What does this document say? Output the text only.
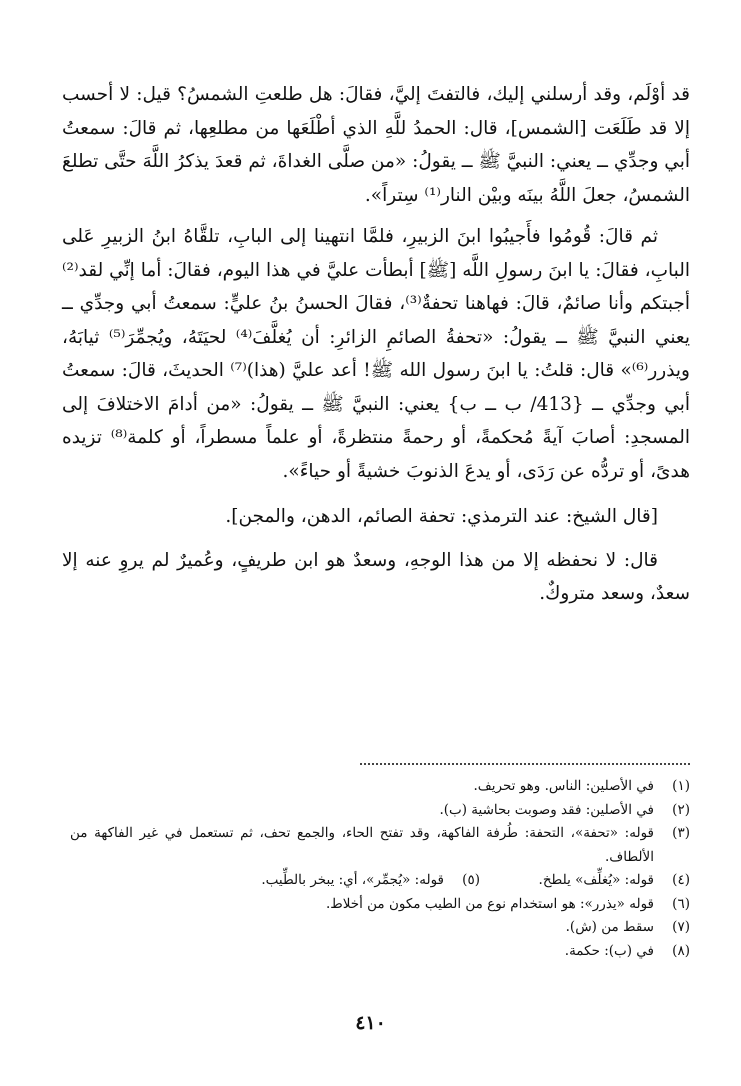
قد أوْلَم، وقد أرسلني إليك، فالتفتَ إليَّ، فقالَ: هل طلعتِ الشمسُ؟ قيل: لا أحسب إلا قد طَلَعَت [الشمس]، قال: الحمدُ للَّهِ الذي أطْلَعَها من مطلعِها، ثم قالَ: سمعتُ أبي وجدِّي ــ يعني: النبيَّ ﷺ ــ يقولُ: «من صلَّى الغداةَ، ثم قعدَ يذكرُ اللَّهَ حتَّى تطلعَ الشمسُ، جعلَ اللَّهُ بينَه وبيْن النار⁽¹⁾ سِتراً».

ثم قالَ: قُومُوا فأَجيبُوا ابنَ الزبيرِ، فلمَّا انتهينا إلى البابِ، تلقَّاهُ ابنُ الزبيرِ عَلى البابِ، فقالَ: يا ابنَ رسولِ اللَّه [ﷺ] أبطأت عليَّ في هذا اليوم، فقالَ: أما إنِّي لقد⁽²⁾ أجبتكم وأنا صائمٌ، قالَ: فهاهنا تحفةٌ⁽³⁾، فقالَ الحسنُ بنُ عليٍّ: سمعتُ أبي وجدِّي ــ يعني النبيَّ ﷺ ــ يقولُ: «تحفةُ الصائمِ الزائرِ: أن يُغلَّفَ⁽⁴⁾ لحيَتَهُ، ويُجمِّرَ⁽⁵⁾ ثيابَهُ، ويذرر⁽⁶⁾» قال: قلتُ: يا ابنَ رسول الله ﷺ! أعد عليَّ (هذا)⁽⁷⁾ الحديثَ، قالَ: سمعتُ أبي وجدِّي ــ {413/ ب ــ ب} يعني: النبيَّ ﷺ ــ يقولُ: «من أدامَ الاختلافَ إلى المسجدِ: أصابَ آيةً مُحكمةً، أو رحمةً منتظرةً، أو علماً مسطراً، أو كلمة⁽⁸⁾ تزيده هدىً، أو تردُّه عن رَدَى، أو يدعَ الذنوبَ خشيةً أو حياءً».

[قال الشيخ: عند الترمذي: تحفة الصائم، الدهن، والمجن].

قال: لا نحفظه إلا من هذا الوجهِ، وسعدٌ هو ابن طريفٍ، وعُميرٌ لم يروِ عنه إلا سعدٌ، وسعد متروكٌ.

(١)
في الأصلين: الناس. وهو تحريف.
(٢)
في الأصلين: فقد وصوبت بحاشية (ب).
(٣)
قوله: «تحفة»، التحفة: طُرفة الفاكهة، وقد تفتح الحاء، والجمع تحف، ثم تستعمل في غير الفاكهة من الألطاف.
(٤)
قوله: «يُغلِّف» يلطخ.
(٥)
قوله: «يُجمِّر»، أي: يبخر بالطِّيب.
(٦)
قوله «يذرر»: هو استخدام نوع من الطيب مكون من أخلاط.
(٧)
سقط من (ش).
(٨)
في (ب): حكمة.
٤١٠
